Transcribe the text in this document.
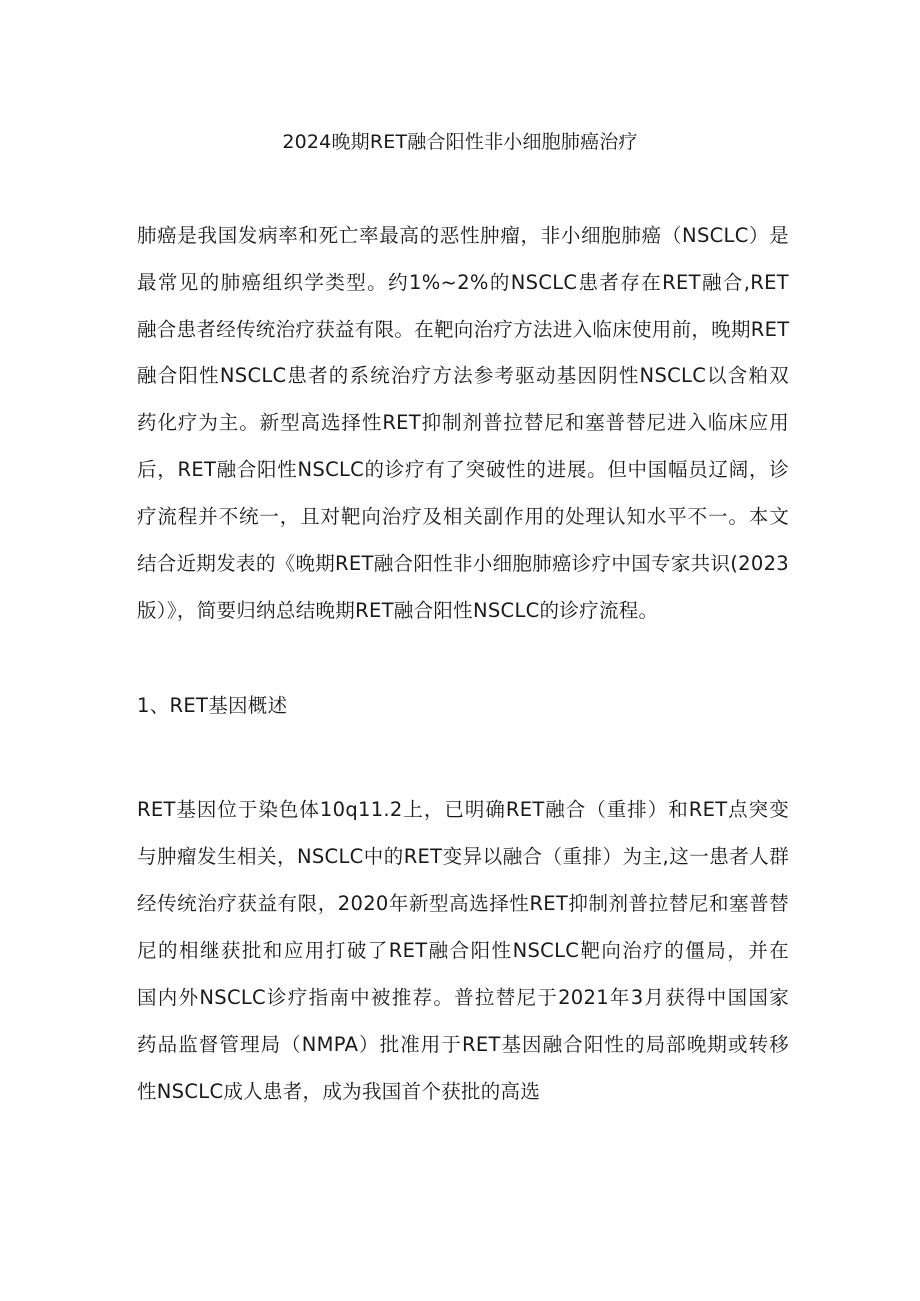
2024晚期RET融合阳性非小细胞肺癌治疗
肺癌是我国发病率和死亡率最高的恶性肿瘤，非小细胞肺癌（NSCLC）是
最常见的肺癌组织学类型。约1%~2%的NSCLC患者存在RET融合,RET
融合患者经传统治疗获益有限。在靶向治疗方法进入临床使用前，晚期RET
融合阳性NSCLC患者的系统治疗方法参考驱动基因阴性NSCLC以含粕双
药化疗为主。新型高选择性RET抑制剂普拉替尼和塞普替尼进入临床应用
后，RET融合阳性NSCLC的诊疗有了突破性的进展。但中国幅员辽阔，诊
疗流程并不统一，且对靶向治疗及相关副作用的处理认知水平不一。本文
结合近期发表的《晚期RET融合阳性非小细胞肺癌诊疗中国专家共识(2023
版）》，简要归纳总结晚期RET融合阳性NSCLC的诊疗流程。
1、RET基因概述
RET基因位于染色体10q11.2上，已明确RET融合（重排）和RET点突变
与肿瘤发生相关，NSCLC中的RET变异以融合（重排）为主,这一患者人群
经传统治疗获益有限，2020年新型高选择性RET抑制剂普拉替尼和塞普替
尼的相继获批和应用打破了RET融合阳性NSCLC靶向治疗的僵局，并在
国内外NSCLC诊疗指南中被推荐。普拉替尼于2021年3月获得中国国家
药品监督管理局（NMPA）批准用于RET基因融合阳性的局部晚期或转移
性NSCLC成人患者，成为我国首个获批的高选
